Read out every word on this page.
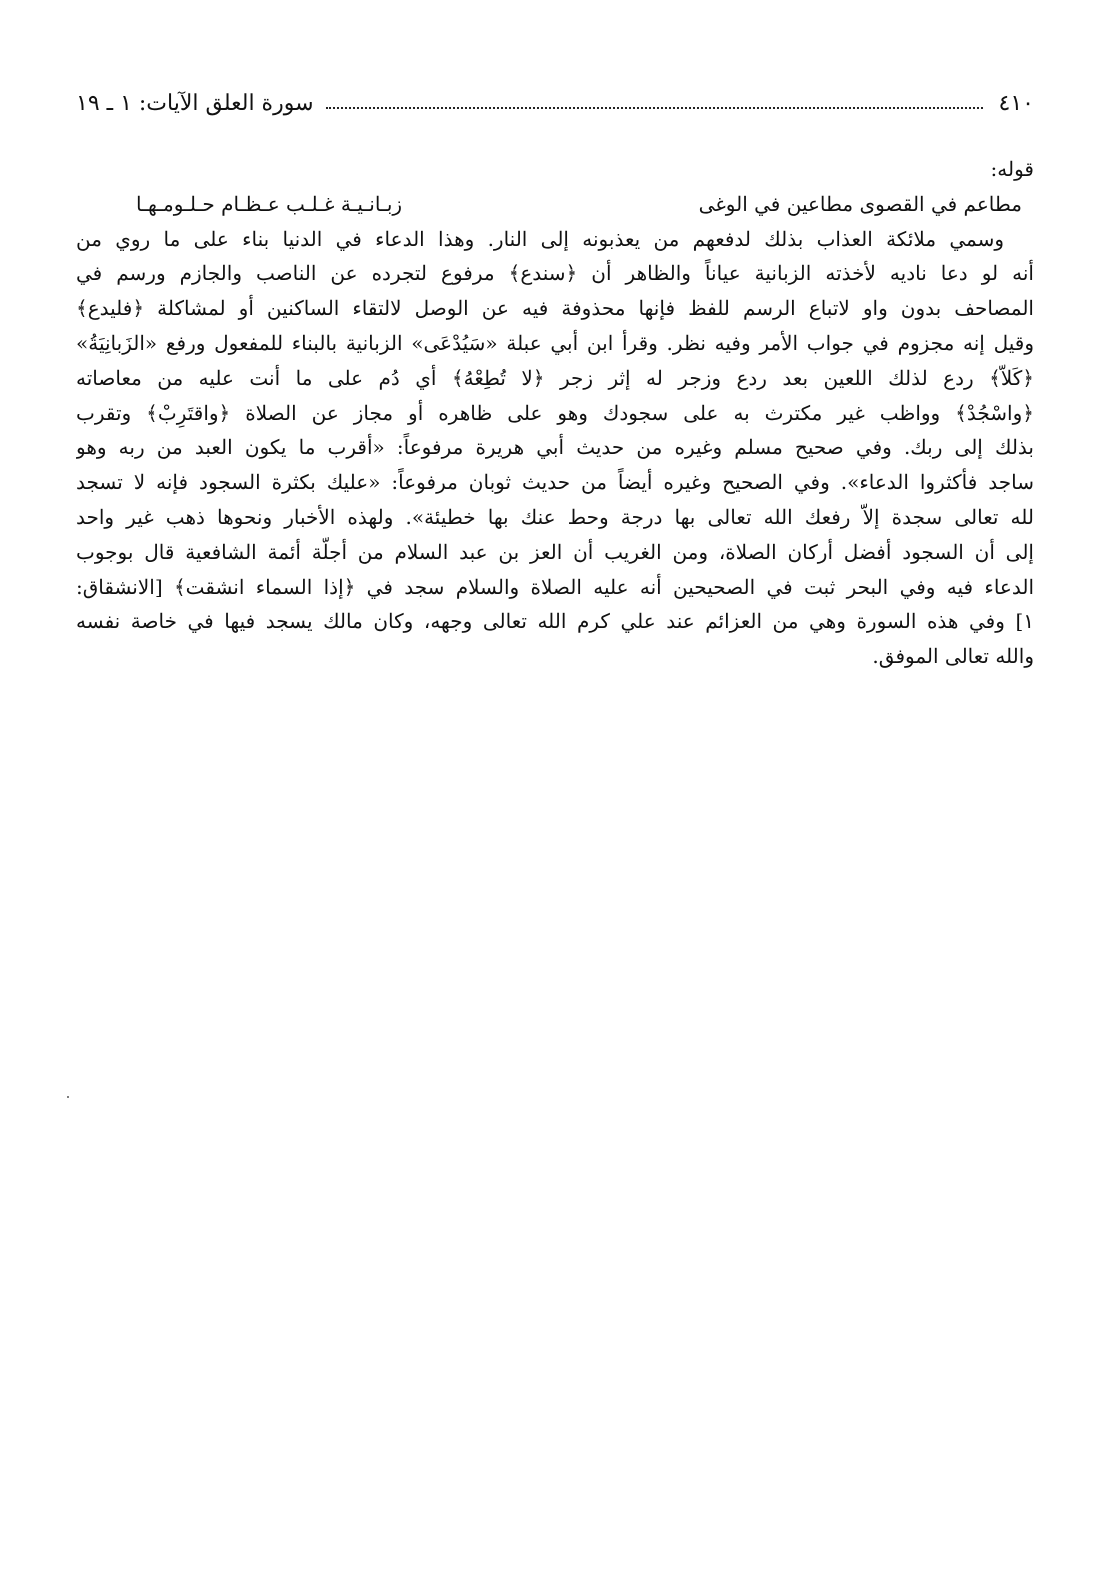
٤١٠
سورة العلق الآيات: ١ ـ ١٩
قوله:
مطاعم في القصوى مطاعين في الوغى
زبـانـيـة غـلـب عـظـام حـلـومـهـا
وسمي ملائكة العذاب بذلك لدفعهم من يعذبونه إلى النار. وهذا الدعاء في الدنيا بناء على ما روي من
أنه لو دعا ناديه لأخذته الزبانية عياناً والظاهر أن ﴿سندع﴾ مرفوع لتجرده عن الناصب والجازم ورسم في
المصاحف بدون واو لاتباع الرسم للفظ فإنها محذوفة فيه عن الوصل لالتقاء الساكنين أو لمشاكلة ﴿فليدع﴾
وقيل إنه مجزوم في جواب الأمر وفيه نظر. وقرأ ابن أبي عبلة «سَيُدْعَى» الزبانية بالبناء للمفعول ورفع «الزَبانِيَةُ»
﴿كَلاّ﴾ ردع لذلك اللعين بعد ردع وزجر له إثر زجر ﴿لا تُطِعْهُ﴾ أي دُم على ما أنت عليه من معاصاته
﴿واسْجُدْ﴾ وواظب غير مكترث به على سجودك وهو على ظاهره أو مجاز عن الصلاة ﴿واقتَرِبْ﴾ وتقرب
بذلك إلى ربك. وفي صحيح مسلم وغيره من حديث أبي هريرة مرفوعاً: «أقرب ما يكون العبد من ربه وهو
ساجد فأكثروا الدعاء». وفي الصحيح وغيره أيضاً من حديث ثوبان مرفوعاً: «عليك بكثرة السجود فإنه لا تسجد
لله تعالى سجدة إلاّ رفعك الله تعالى بها درجة وحط عنك بها خطيئة». ولهذه الأخبار ونحوها ذهب غير واحد
إلى أن السجود أفضل أركان الصلاة، ومن الغريب أن العز بن عبد السلام من أجلّة أئمة الشافعية قال بوجوب
الدعاء فيه وفي البحر ثبت في الصحيحين أنه عليه الصلاة والسلام سجد في ﴿إذا السماء انشقت﴾ [الانشقاق:
١] وفي هذه السورة وهي من العزائم عند علي كرم الله تعالى وجهه، وكان مالك يسجد فيها في خاصة نفسه
والله تعالى الموفق.
